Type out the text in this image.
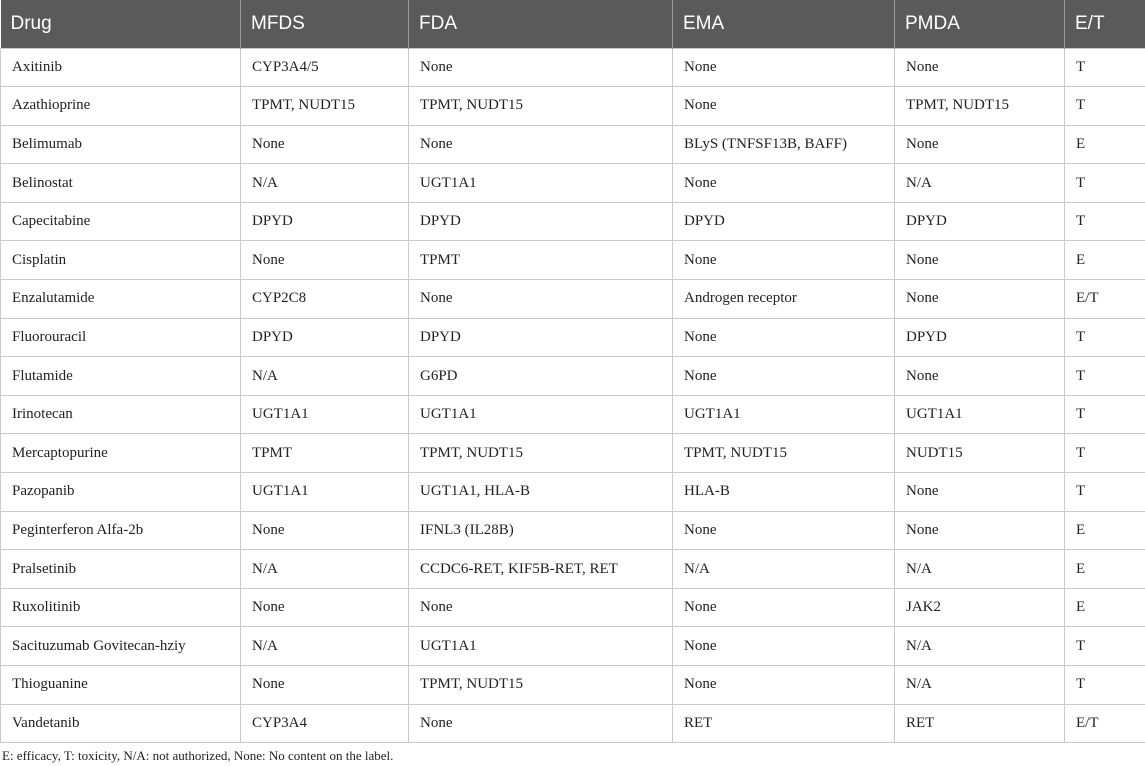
Drug	MFDS	FDA	EMA	PMDA	E/T
Axitinib	CYP3A4/5	None	None	None	T
Azathioprine	TPMT, NUDT15	TPMT, NUDT15	None	TPMT, NUDT15	T
Belimumab	None	None	BLyS (TNFSF13B, BAFF)	None	E
Belinostat	N/A	UGT1A1	None	N/A	T
Capecitabine	DPYD	DPYD	DPYD	DPYD	T
Cisplatin	None	TPMT	None	None	E
Enzalutamide	CYP2C8	None	Androgen receptor	None	E/T
Fluorouracil	DPYD	DPYD	None	DPYD	T
Flutamide	N/A	G6PD	None	None	T
Irinotecan	UGT1A1	UGT1A1	UGT1A1	UGT1A1	T
Mercaptopurine	TPMT	TPMT, NUDT15	TPMT, NUDT15	NUDT15	T
Pazopanib	UGT1A1	UGT1A1, HLA-B	HLA-B	None	T
Peginterferon Alfa-2b	None	IFNL3 (IL28B)	None	None	E
Pralsetinib	N/A	CCDC6-RET, KIF5B-RET, RET	N/A	N/A	E
Ruxolitinib	None	None	None	JAK2	E
Sacituzumab Govitecan-hziy	N/A	UGT1A1	None	N/A	T
Thioguanine	None	TPMT, NUDT15	None	N/A	T
Vandetanib	CYP3A4	None	RET	RET	E/T
E: efficacy, T: toxicity, N/A: not authorized, None: No content on the label.
